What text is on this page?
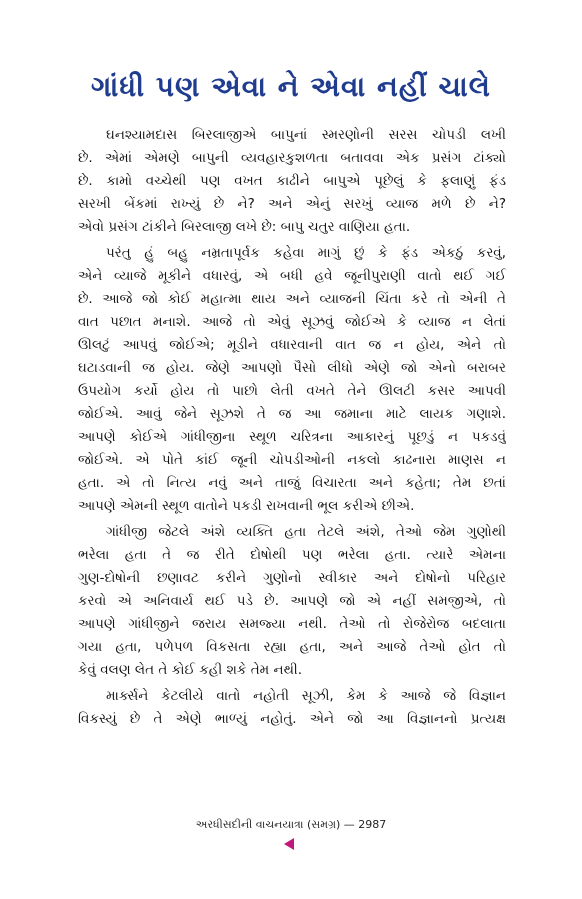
ગાંધી પણ એવા ને એવા નહીં ચાલે
ઘનશ્યામદાસ બિરલાજીએ બાપુનાં સ્મરણોની સરસ ચોપડી લખી
છે. એમાં એમણે બાપુની વ્યવહારકુશળતા બતાવવા એક પ્રસંગ ટાંક્યો
છે. કામો વચ્ચેથી પણ વખત કાઢીને બાપુએ પૂછેલું કે ફલાણું ફંડ
સરખી બેંકમાં રાખ્યું છે ને? અને એનું સરખું વ્યાજ મળે છે ને?
એવો પ્રસંગ ટાંકીને બિરલાજી લખે છે: બાપુ ચતુર વાણિયા હતા.
પરંતુ હું બહુ નમ્રતાપૂર્વક કહેવા માગું છું કે ફંડ એકઠું કરવું,
એને વ્યાજે મૂકીને વધારવું, એ બધી હવે જૂનીપુરાણી વાતો થઈ ગઈ
છે. આજે જો કોઈ મહાત્મા થાય અને વ્યાજની ચિંતા કરે તો એની તે
વાત પછાત મનાશે. આજે તો એવું સૂઝવું જોઈએ કે વ્યાજ ન લેતાં
ઊલટું આપવું જોઈએ; મૂડીને વધારવાની વાત જ ન હોય, એને તો
ઘટાડવાની જ હોય. જેણે આપણો પૈસો લીધો એણે જો એનો બરાબર
ઉપયોગ કર્યો હોય તો પાછો લેતી વખતે તેને ઊલટી કસર આપવી
જોઈએ. આવું જેને સૂઝશે તે જ આ જમાના માટે લાયક ગણાશે.
આપણે કોઈએ ગાંધીજીના સ્થૂળ ચરિત્રના આકારનું પૂછડું ન પકડવું
જોઈએ. એ પોતે કાંઈ જૂની ચોપડીઓની નકલો કાઢનારા માણસ ન
હતા. એ તો નિત્ય નવું અને તાજું વિચારતા અને કહેતા; તેમ છતાં
આપણે એમની સ્થૂળ વાતોને પકડી રાખવાની ભૂલ કરીએ છીએ.
ગાંધીજી જેટલે અંશે વ્યક્તિ હતા તેટલે અંશે, તેઓ જેમ ગુણોથી
ભરેલા હતા તે જ રીતે દોષોથી પણ ભરેલા હતા. ત્યારે એમના
ગુણ-દોષોની છણાવટ કરીને ગુણોનો સ્વીકાર અને દોષોનો પરિહાર
કરવો એ અનિવાર્ય થઈ પડે છે. આપણે જો એ નહીં સમજીએ, તો
આપણે ગાંધીજીને જરાય સમજ્યા નથી. તેઓ તો રોજેરોજ બદલાતા
ગયા હતા, પળેપળ વિકસતા રહ્યા હતા, અને આજે તેઓ હોત તો
કેવું વલણ લેત તે કોઈ કહી શકે તેમ નથી.
માર્ક્સને કેટલીયે વાતો નહોતી સૂઝી, કેમ કે આજે જે વિજ્ઞાન
વિકસ્યું છે તે એણે ભાળ્યું નહોતું. એને જો આ વિજ્ઞાનનો પ્રત્યક્ષ
અરધીસદીની વાચનયાત્રા (સમગ્ર) — 2987
